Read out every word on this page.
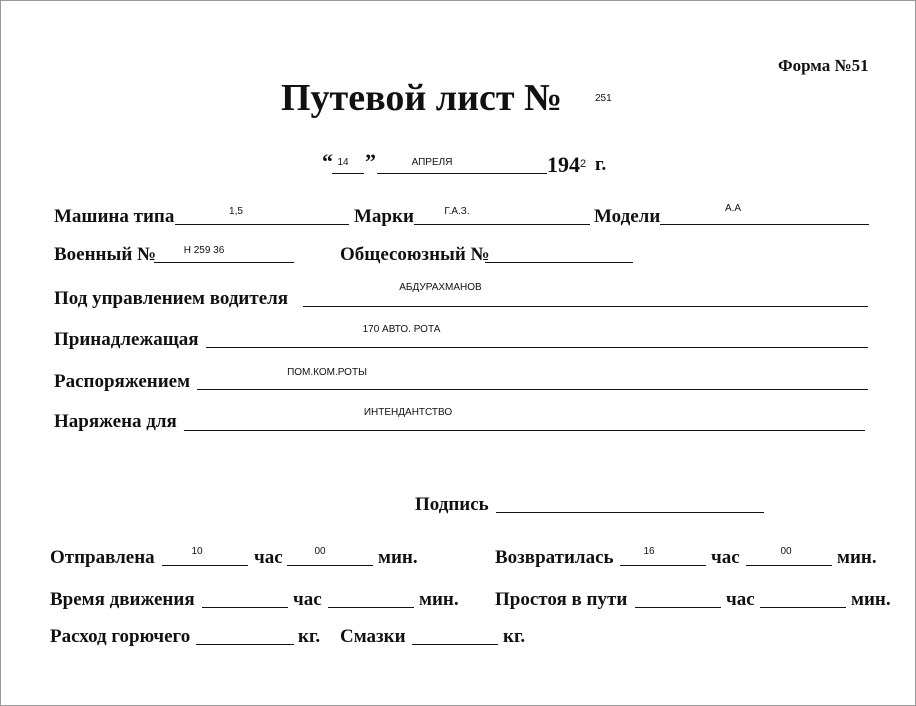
Форма №51
Путевой лист №	251
“ 14 ”	АПРЕЛЯ	194 2 г.
Машина типа	1,5	Марки	Г.А.З.	Модели	А.А
Военный №	Н 259 36	Общесоюзный №
Под управлением водителя
АБДУРАХМАНОВ
Принадлежащая	170 АВТО. РОТА
Распоряжением	ПОМ.КОМ.РОТЫ
Наряжена для	ИНТЕНДАНТСТВО
Подпись
Отправлена	10	час	00	мин.	Возвратилась	16	час	00	мин.
Время движения	час	мин. Простоя в пути	час	мин.
Расход горючего	кг. Смазки	кг.
